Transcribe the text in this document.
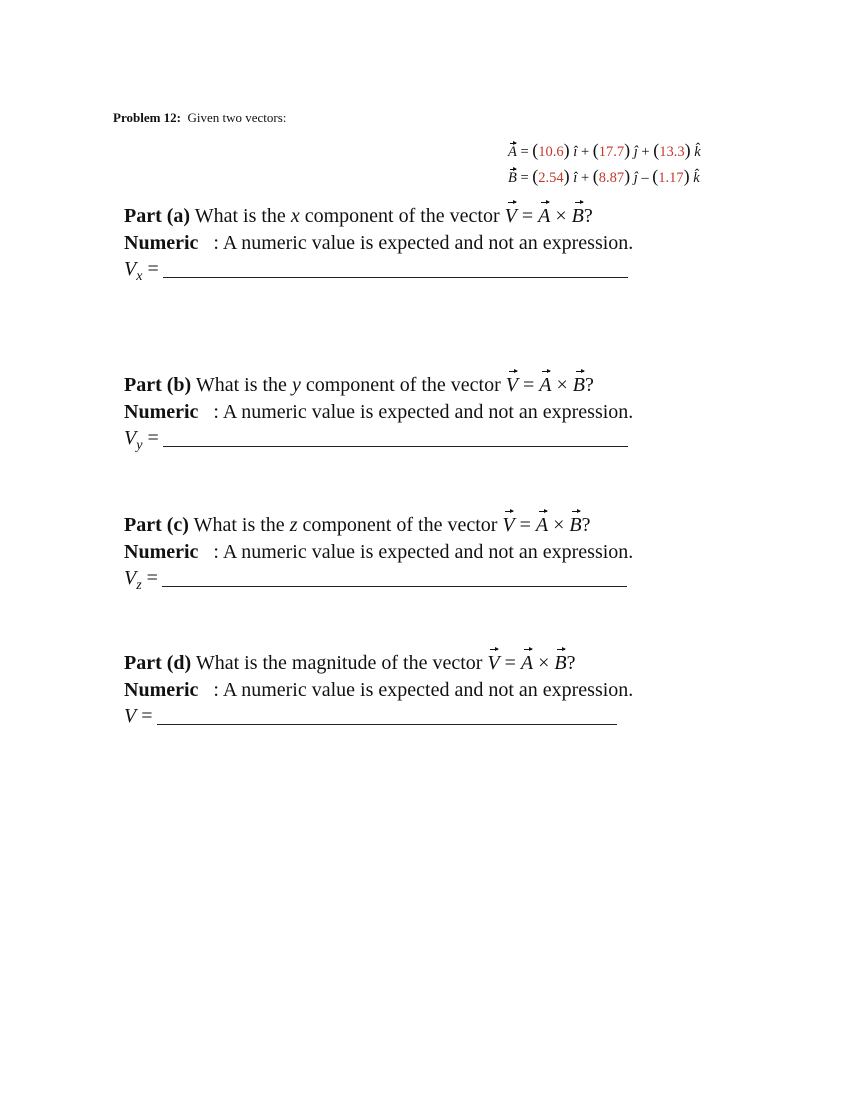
Problem 12: Given two vectors:
A = (10.6) î + (17.7) ĵ + (13.3) k̂
B = (2.54) î + (8.87) ĵ – (1.17) k̂
Part (a) What is the x component of the vector V = A × B?
Numeric : A numeric value is expected and not an expression.
$V_x$ =
Part (b) What is the y component of the vector V = A × B?
Numeric : A numeric value is expected and not an expression.
$V_y$ =
Part (c) What is the z component of the vector V = A × B?
Numeric : A numeric value is expected and not an expression.
$V_z$ =
Part (d) What is the magnitude of the vector V = A × B?
Numeric : A numeric value is expected and not an expression.
V =
